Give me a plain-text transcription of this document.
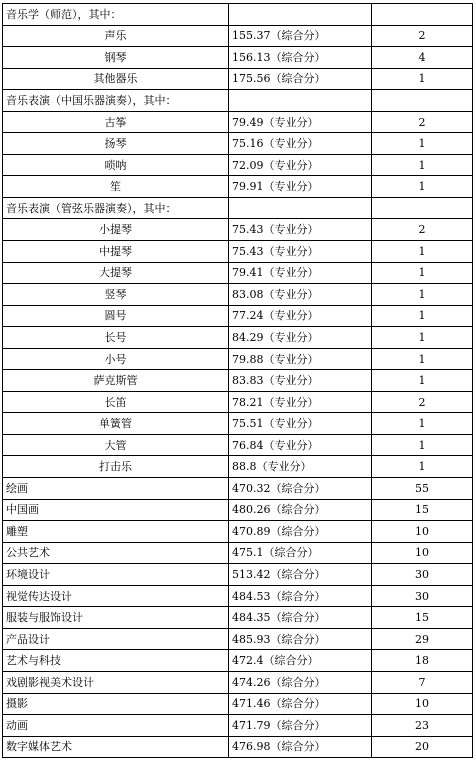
音乐学（师范），其中：		
声乐	155.37（综合分）	2
钢琴	156.13（综合分）	4
其他器乐	175.56（综合分）	1
音乐表演（中国乐器演奏），其中：		
古筝	79.49（专业分）	2
扬琴	75.16（专业分）	1
唢呐	72.09（专业分）	1
笙	79.91（专业分）	1
音乐表演（管弦乐器演奏），其中：		
小提琴	75.43（专业分）	2
中提琴	75.43（专业分）	1
大提琴	79.41（专业分）	1
竖琴	83.08（专业分）	1
圆号	77.24（专业分）	1
长号	84.29（专业分）	1
小号	79.88（专业分）	1
萨克斯管	83.83（专业分）	1
长笛	78.21（专业分）	2
单簧管	75.51（专业分）	1
大管	76.84（专业分）	1
打击乐	88.8（专业分）	1
绘画	470.32（综合分）	55
中国画	480.26（综合分）	15
雕塑	470.89（综合分）	10
公共艺术	475.1（综合分）	10
环境设计	513.42（综合分）	30
视觉传达设计	484.53（综合分）	30
服装与服饰设计	484.35（综合分）	15
产品设计	485.93（综合分）	29
艺术与科技	472.4（综合分）	18
戏剧影视美术设计	474.26（综合分）	7
摄影	471.46（综合分）	10
动画	471.79（综合分）	23
数字媒体艺术	476.98（综合分）	20
